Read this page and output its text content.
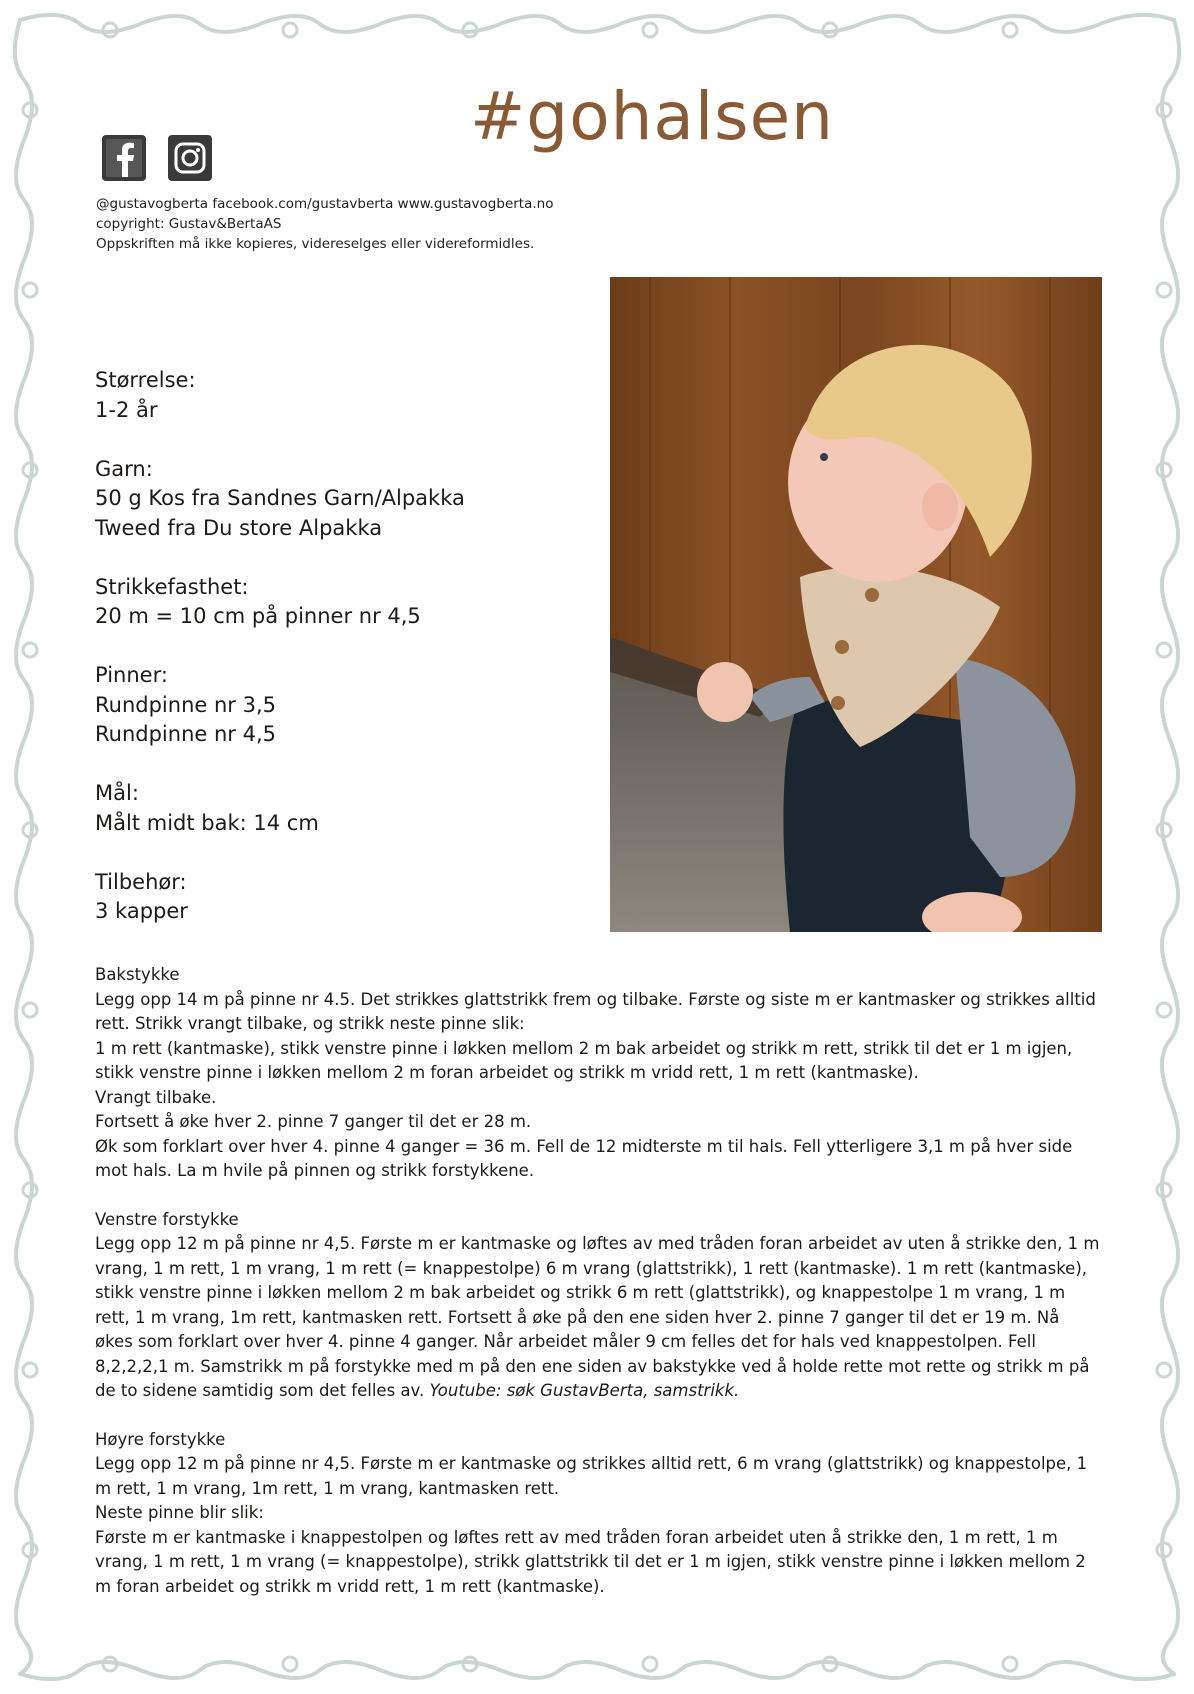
#gohalsen
@gustavogberta facebook.com/gustavberta www.gustavogberta.no
copyright: Gustav&BertaAS
Oppskriften må ikke kopieres, videreselges eller videreformidles.
Størrelse:
1-2 år
Garn:
50 g Kos fra Sandnes Garn/Alpakka
Tweed fra Du store Alpakka
Strikkefasthet:
20 m = 10 cm på pinner nr 4,5
Pinner:
Rundpinne nr 3,5
Rundpinne nr 4,5
Mål:
Målt midt bak: 14 cm
Tilbehør:
3 kapper
Bakstykke

Legg opp 14 m på pinne nr 4.5. Det strikkes glattstrikk frem og tilbake. Første og siste m er kantmasker og strikkes alltid rett. Strikk vrangt tilbake, og strikk neste pinne slik:

1 m rett (kantmaske), stikk venstre pinne i løkken mellom 2 m bak arbeidet og strikk m rett, strikk til det er 1 m igjen, stikk venstre pinne i løkken mellom 2 m foran arbeidet og strikk m vridd rett, 1 m rett (kantmaske).

Vrangt tilbake.

Fortsett å øke hver 2. pinne 7 ganger til det er 28 m.

Øk som forklart over hver 4. pinne 4 ganger = 36 m. Fell de 12 midterste m til hals. Fell ytterligere 3,1 m på hver side mot hals. La m hvile på pinnen og strikk forstykkene.

Venstre forstykke

Legg opp 12 m på pinne nr 4,5. Første m er kantmaske og løftes av med tråden foran arbeidet av uten å strikke den, 1 m vrang, 1 m rett, 1 m vrang, 1 m rett (= knappestolpe) 6 m vrang (glattstrikk), 1 rett (kantmaske). 1 m rett (kantmaske), stikk venstre pinne i løkken mellom 2 m bak arbeidet og strikk 6 m rett (glattstrikk), og knappestolpe 1 m vrang, 1 m rett, 1 m vrang, 1m rett, kantmasken rett. Fortsett å øke på den ene siden hver 2. pinne 7 ganger til det er 19 m. Nå økes som forklart over hver 4. pinne 4 ganger. Når arbeidet måler 9 cm felles det for hals ved knappestolpen. Fell 8,2,2,2,1 m. Samstrikk m på forstykke med m på den ene siden av bakstykke ved å holde rette mot rette og strikk m på de to sidene samtidig som det felles av. Youtube: søk GustavBerta, samstrikk.

Høyre forstykke

Legg opp 12 m på pinne nr 4,5. Første m er kantmaske og strikkes alltid rett, 6 m vrang (glattstrikk) og knappestolpe, 1 m rett, 1 m vrang, 1m rett, 1 m vrang, kantmasken rett.

Neste pinne blir slik:

Første m er kantmaske i knappestolpen og løftes rett av med tråden foran arbeidet uten å strikke den, 1 m rett, 1 m vrang, 1 m rett, 1 m vrang (= knappestolpe), strikk glattstrikk til det er 1 m igjen, stikk venstre pinne i løkken mellom 2 m foran arbeidet og strikk m vridd rett, 1 m rett (kantmaske).
